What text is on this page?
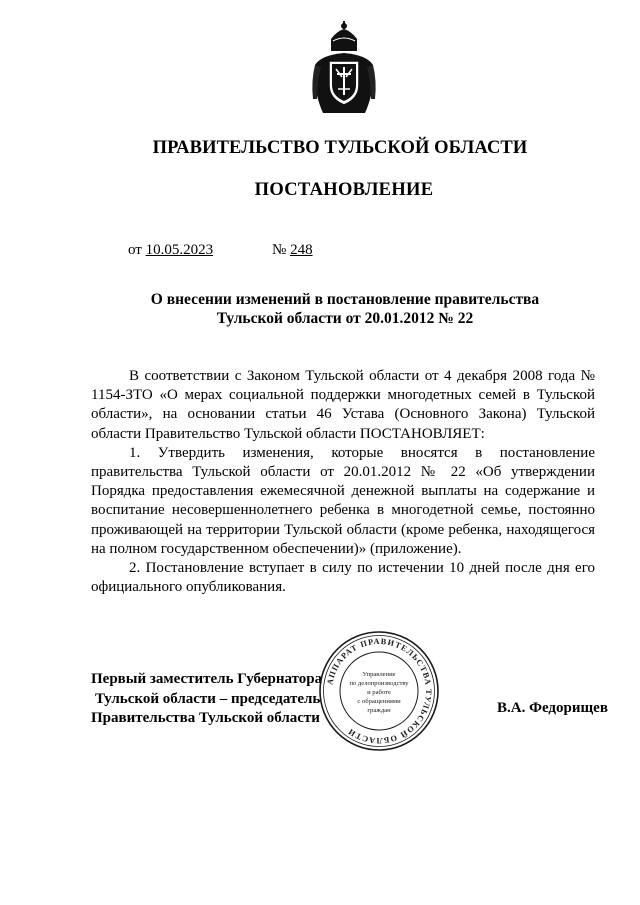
ПРАВИТЕЛЬСТВО ТУЛЬСКОЙ ОБЛАСТИ
ПОСТАНОВЛЕНИЕ
от 10.05.2023	№ 248
О внесении изменений в постановление правительства
Тульской области от 20.01.2012 № 22

В соответствии с Законом Тульской области от 4 декабря 2008 года № 1154-ЗТО «О мерах социальной поддержки многодетных семей в Тульской области», на основании статьи 46 Устава (Основного Закона) Тульской области Правительство Тульской области ПОСТАНОВЛЯЕТ:

1. Утвердить изменения, которые вносятся в постановление правительства Тульской области от 20.01.2012 № 22 «Об утверждении Порядка предоставления ежемесячной денежной выплаты на содержание и воспитание несовершеннолетнего ребенка в многодетной семье, постоянно проживающей на территории Тульской области (кроме ребенка, находящегося на полном государственном обеспечении)» (приложение).

2. Постановление вступает в силу по истечении 10 дней после дня его официального опубликования.

Первый заместитель Губернатора
Тульской области – председатель
Правительства Тульской области
АППАРАТ ПРАВИТЕЛЬСТВА ТУЛЬСКОЙ ОБЛАСТИ
Управление
по делопроизводству
и работе
с обращениями
граждан	В.А. Федорищев
